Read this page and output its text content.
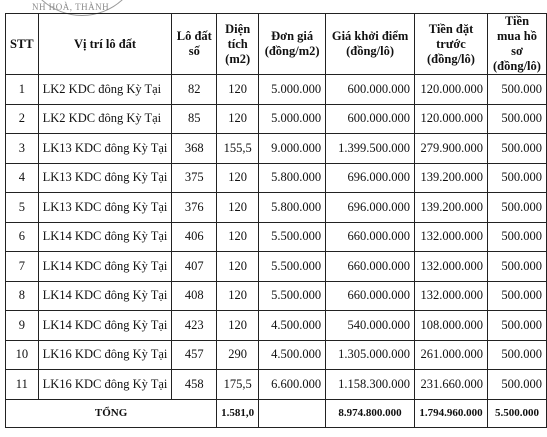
NH HOÀ, THÀNH
STT	Vị trí lô đất	Lô đất số	Diện tích (m2)	Đơn giá (đồng/m2)	Giá khởi điểm (đồng/lô)	Tiền đặt trước (đồng/lô)	Tiền mua hồ sơ (đồng/lô)
1	LK2 KDC đông Kỳ Tại	82	120	5.000.000	600.000.000	120.000.000	500.000
2	LK2 KDC đông Kỳ Tại	85	120	5.000.000	600.000.000	120.000.000	500.000
3	LK13 KDC đông Kỳ Tại	368	155,5	9.000.000	1.399.500.000	279.900.000	500.000
4	LK13 KDC đông Kỳ Tại	375	120	5.800.000	696.000.000	139.200.000	500.000
5	LK13 KDC đông Kỳ Tại	376	120	5.800.000	696.000.000	139.200.000	500.000
6	LK14 KDC đông Kỳ Tại	406	120	5.500.000	660.000.000	132.000.000	500.000
7	LK14 KDC đông Kỳ Tại	407	120	5.500.000	660.000.000	132.000.000	500.000
8	LK14 KDC đông Kỳ Tại	408	120	5.500.000	660.000.000	132.000.000	500.000
9	LK14 KDC đông Kỳ Tại	423	120	4.500.000	540.000.000	108.000.000	500.000
10	LK16 KDC đông Kỳ Tại	457	290	4.500.000	1.305.000.000	261.000.000	500.000
11	LK16 KDC đông Kỳ Tại	458	175,5	6.600.000	1.158.300.000	231.660.000	500.000
TỔNG			1.581,0		8.974.800.000	1.794.960.000	5.500.000
